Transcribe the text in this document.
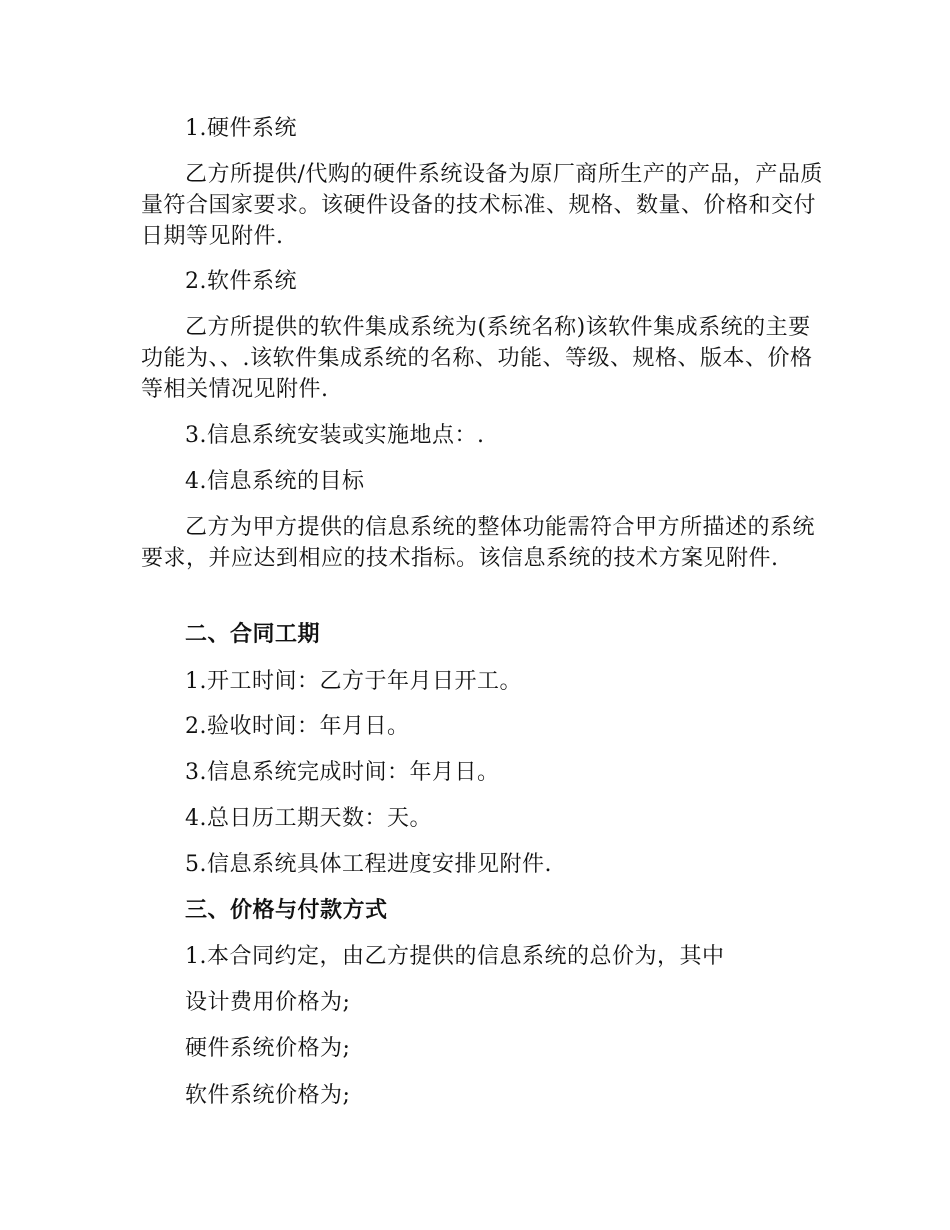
1.硬件系统
乙方所提供/代购的硬件系统设备为原厂商所生产的产品，产品质量符合国家要求。该硬件设备的技术标准、规格、数量、价格和交付日期等见附件.
2.软件系统
乙方所提供的软件集成系统为(系统名称)该软件集成系统的主要功能为、、.该软件集成系统的名称、功能、等级、规格、版本、价格等相关情况见附件.
3.信息系统安装或实施地点：.
4.信息系统的目标
乙方为甲方提供的信息系统的整体功能需符合甲方所描述的系统要求，并应达到相应的技术指标。该信息系统的技术方案见附件.
二、合同工期
1.开工时间：乙方于年月日开工。
2.验收时间：年月日。
3.信息系统完成时间：年月日。
4.总日历工期天数：天。
5.信息系统具体工程进度安排见附件.
三、价格与付款方式
1.本合同约定，由乙方提供的信息系统的总价为，其中
设计费用价格为;
硬件系统价格为;
软件系统价格为;
